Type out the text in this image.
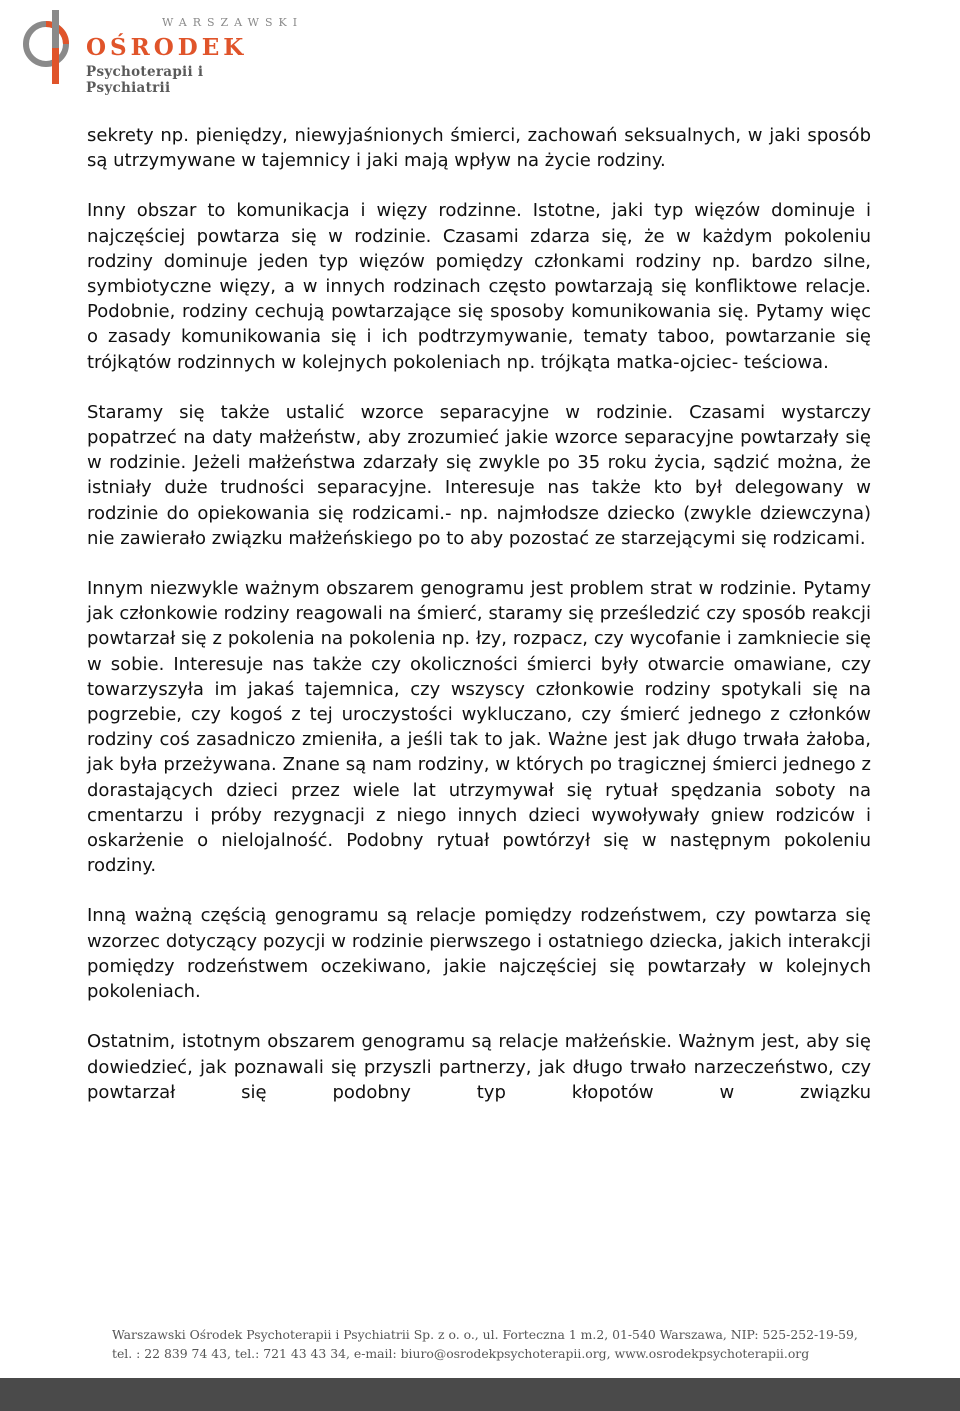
WARSZAWSKI
OŚRODEK
Psychoterapii i Psychiatrii

sekrety np. pieniędzy, niewyjaśnionych śmierci, zachowań seksualnych, w jaki sposób są utrzymywane w tajemnicy i jaki mają wpływ na życie rodziny.

Inny obszar to komunikacja i więzy rodzinne. Istotne, jaki typ więzów dominuje i najczęściej powtarza się w rodzinie. Czasami zdarza się, że w każdym pokoleniu rodziny dominuje jeden typ więzów pomiędzy członkami rodziny np. bardzo silne, symbiotyczne więzy, a w innych rodzinach często powtarzają się konfliktowe relacje. Podobnie, rodziny cechują powtarzające się sposoby komunikowania się. Pytamy więc o zasady komunikowania się i ich podtrzymywanie, tematy taboo, powtarzanie się trójkątów rodzinnych w kolejnych pokoleniach np. trójkąta matka-ojciec- teściowa.

Staramy się także ustalić wzorce separacyjne w rodzinie. Czasami wystarczy popatrzeć na daty małżeństw, aby zrozumieć jakie wzorce separacyjne powtarzały się w rodzinie. Jeżeli małżeństwa zdarzały się zwykle po 35 roku życia, sądzić można, że istniały duże trudności separacyjne. Interesuje nas także kto był delegowany w rodzinie do opiekowania się rodzicami.- np. najmłodsze dziecko (zwykle dziewczyna) nie zawierało związku małżeńskiego po to aby pozostać ze starzejącymi się rodzicami.

Innym niezwykle ważnym obszarem genogramu jest problem strat w rodzinie. Pytamy jak członkowie rodziny reagowali na śmierć, staramy się prześledzić czy sposób reakcji powtarzał się z pokolenia na pokolenia np. łzy, rozpacz, czy wycofanie i zamkniecie się w sobie. Interesuje nas także czy okoliczności śmierci były otwarcie omawiane, czy towarzyszyła im jakaś tajemnica, czy wszyscy członkowie rodziny spotykali się na pogrzebie, czy kogoś z tej uroczystości wykluczano, czy śmierć jednego z członków rodziny coś zasadniczo zmieniła, a jeśli tak to jak. Ważne jest jak długo trwała żałoba, jak była przeżywana. Znane są nam rodziny, w których po tragicznej śmierci jednego z dorastających dzieci przez wiele lat utrzymywał się rytuał spędzania soboty na cmentarzu i próby rezygnacji z niego innych dzieci wywoływały gniew rodziców i oskarżenie o nielojalność. Podobny rytuał powtórzył się w następnym pokoleniu rodziny.

Inną ważną częścią genogramu są relacje pomiędzy rodzeństwem, czy powtarza się wzorzec dotyczący pozycji w rodzinie pierwszego i ostatniego dziecka, jakich interakcji pomiędzy rodzeństwem oczekiwano, jakie najczęściej się powtarzały w kolejnych pokoleniach.

Ostatnim, istotnym obszarem genogramu są relacje małżeńskie. Ważnym jest, aby się dowiedzieć, jak poznawali się przyszli partnerzy, jak długo trwało narzeczeństwo, czy powtarzał się podobny typ kłopotów w związku

Warszawski Ośrodek Psychoterapii i Psychiatrii Sp. z o. o., ul. Forteczna 1 m.2, 01-540 Warszawa, NIP: 525-252-19-59,
tel. : 22 839 74 43, tel.: 721 43 43 34, e-mail: biuro@osrodekpsychoterapii.org, www.osrodekpsychoterapii.org
